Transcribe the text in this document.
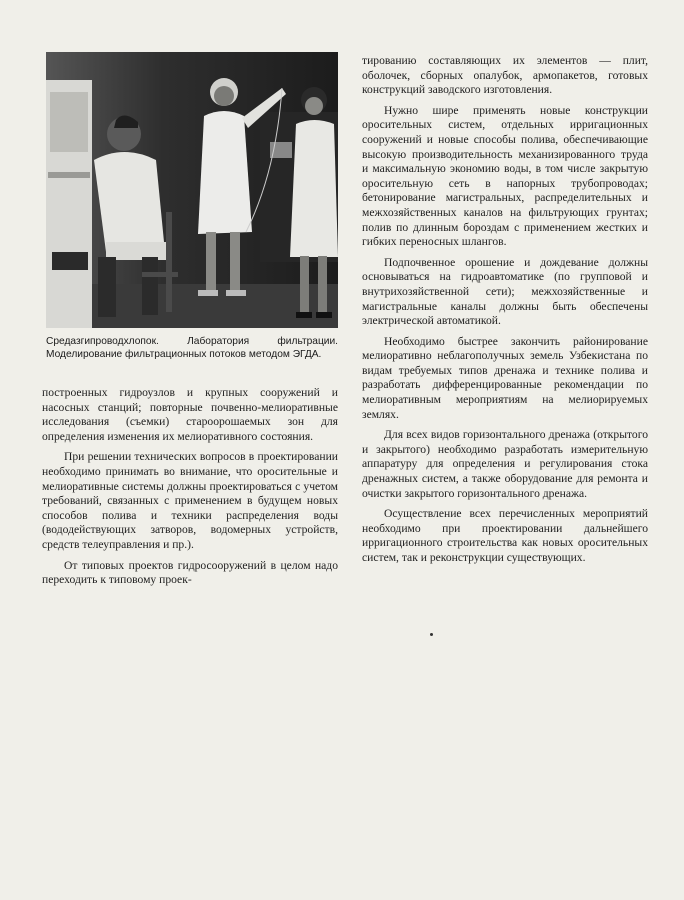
Средазгипроводхлопок. Лаборатория фильтрации. Моделирование фильтрационных потоков методом ЭГДА.

построенных гидроузлов и крупных сооружений и насосных станций; повторные почвенно-мелиоративные исследования (съемки) староорошаемых зон для определения изменения их мелиоративного состояния.

При решении технических вопросов в проектировании необходимо принимать во внимание, что оросительные и мелиоративные системы должны проектироваться с учетом требований, связанных с применением в будущем новых способов полива и техники распределения воды (вододействующих затворов, водомерных устройств, средств телеуправления и пр.).

От типовых проектов гидросооружений в целом надо переходить к типовому проек-

тированию составляющих их элементов — плит, оболочек, сборных опалубок, армопакетов, готовых конструкций заводского изготовления.

Нужно шире применять новые конструкции оросительных систем, отдельных ирригационных сооружений и новые способы полива, обеспечивающие высокую производительность механизированного труда и максимальную экономию воды, в том числе закрытую оросительную сеть в напорных трубопроводах; бетонирование магистральных, распределительных и межхозяйственных каналов на фильтрующих грунтах; полив по длинным бороздам с применением жестких и гибких переносных шлангов.

Подпочвенное орошение и дождевание должны основываться на гидроавтоматике (по групповой и внутрихозяйственной сети); межхозяйственные и магистральные каналы должны быть обеспечены электрической автоматикой.

Необходимо быстрее закончить районирование мелиоративно неблагополучных земель Узбекистана по видам требуемых типов дренажа и технике полива и разработать дифференцированные рекомендации по мелиоративным мероприятиям на мелиорируемых землях.

Для всех видов горизонтального дренажа (открытого и закрытого) необходимо разработать измерительную аппаратуру для определения и регулирования стока дренажных систем, а также оборудование для ремонта и очистки закрытого горизонтального дренажа.

Осуществление всех перечисленных мероприятий необходимо при проектировании дальнейшего ирригационного строительства как новых оросительных систем, так и реконструкции существующих.
